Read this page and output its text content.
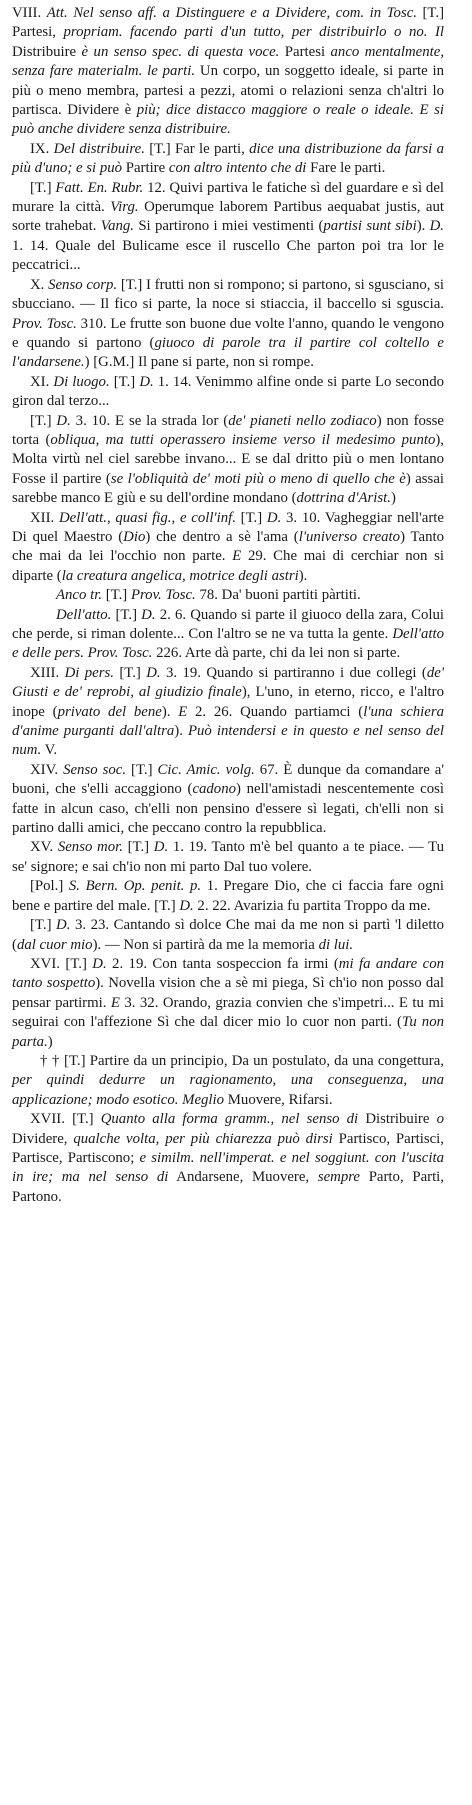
VIII. Att. Nel senso aff. a Distinguere e a Dividere, com. in Tosc. [T.] Partesi, propriam. facendo parti d'un tutto, per distribuirlo o no. Il Distribuire è un senso spec. di questa voce. Partesi anco mentalmente, senza fare materialm. le parti. Un corpo, un soggetto ideale, si parte in più o meno membra, partesi a pezzi, atomi o relazioni senza ch'altri lo partisca. Dividere è più; dice distacco maggiore o reale o ideale. E si può anche dividere senza distribuire.

IX. Del distribuire. [T.] Far le parti, dice una distribuzione da farsi a più d'uno; e si può Partire con altro intento che di Fare le parti.

[T.] Fatt. En. Rubr. 12. Quivi partiva le fatiche sì del guardare e sì del murare la città. Virg. Operumque laborem Partibus aequabat justis, aut sorte trahebat. Vang. Si partirono i miei vestimenti (partisi sunt sibi). D. 1. 14. Quale del Bulicame esce il ruscello Che parton poi tra lor le peccatrici...

X. Senso corp. [T.] I frutti non si rompono; si partono, si sgusciano, si sbucciano. — Il fico si parte, la noce si stiaccia, il baccello si sguscia. Prov. Tosc. 310. Le frutte son buone due volte l'anno, quando le vengono e quando si partono (giuoco di parole tra il partire col coltello e l'andarsene.) [G.M.] Il pane si parte, non si rompe.

XI. Di luogo. [T.] D. 1. 14. Venimmo alfine onde si parte Lo secondo giron dal terzo...

[T.] D. 3. 10. E se la strada lor (de' pianeti nello zodiaco) non fosse torta (obliqua, ma tutti operassero insieme verso il medesimo punto), Molta virtù nel ciel sarebbe invano... E se dal dritto più o men lontano Fosse il partire (se l'obliquità de' moti più o meno di quello che è) assai sarebbe manco E giù e su dell'ordine mondano (dottrina d'Arist.)

XII. Dell'att., quasi fig., e coll'inf. [T.] D. 3. 10. Vagheggiar nell'arte Di quel Maestro (Dio) che dentro a sè l'ama (l'universo creato) Tanto che mai da lei l'occhio non parte. E 29. Che mai di cerchiar non si diparte (la creatura angelica, motrice degli astri).

Anco tr. [T.] Prov. Tosc. 78. Da' buoni partiti pàrtiti.

Dell'atto. [T.] D. 2. 6. Quando si parte il giuoco della zara, Colui che perde, si riman dolente... Con l'altro se ne va tutta la gente. Dell'atto e delle pers. Prov. Tosc. 226. Arte dà parte, chi da lei non si parte.

XIII. Di pers. [T.] D. 3. 19. Quando si partiranno i due collegi (de' Giusti e de' reprobi, al giudizio finale), L'uno, in eterno, ricco, e l'altro inope (privato del bene). E 2. 26. Quando partiamci (l'una schiera d'anime purganti dall'altra). Può intendersi e in questo e nel senso del num. V.

XIV. Senso soc. [T.] Cic. Amic. volg. 67. È dunque da comandare a' buoni, che s'elli accaggiono (cadono) nell'amistadi nescentemente così fatte in alcun caso, ch'elli non pensino d'essere sì legati, ch'elli non si partino dalli amici, che peccano contro la repubblica.

XV. Senso mor. [T.] D. 1. 19. Tanto m'è bel quanto a te piace. — Tu se' signore; e sai ch'io non mi parto Dal tuo volere.

[Pol.] S. Bern. Op. penit. p. 1. Pregare Dio, che ci faccia fare ogni bene e partire del male. [T.] D. 2. 22. Avarizia fu partita Troppo da me.

[T.] D. 3. 23. Cantando sì dolce Che mai da me non si partì 'l diletto (dal cuor mio). — Non si partirà da me la memoria di lui.

XVI. [T.] D. 2. 19. Con tanta sospeccion fa irmi (mi fa andare con tanto sospetto). Novella vision che a sè mi piega, Sì ch'io non posso dal pensar partirmi. E 3. 32. Orando, grazia convien che s'impetri... E tu mi seguirai con l'affezione Sì che dal dicer mio lo cuor non parti. (Tu non parta.)

† † [T.] Partire da un principio, Da un postulato, da una congettura, per quindi dedurre un ragionamento, una conseguenza, una applicazione; modo esotico. Meglio Muovere, Rifarsi.

XVII. [T.] Quanto alla forma gramm., nel senso di Distribuire o Dividere, qualche volta, per più chiarezza può dirsi Partisco, Partisci, Partisce, Partiscono; e similm. nell'imperat. e nel soggiunt. con l'uscita in ire; ma nel senso di Andarsene, Muovere, sempre Parto, Parti, Partono.
